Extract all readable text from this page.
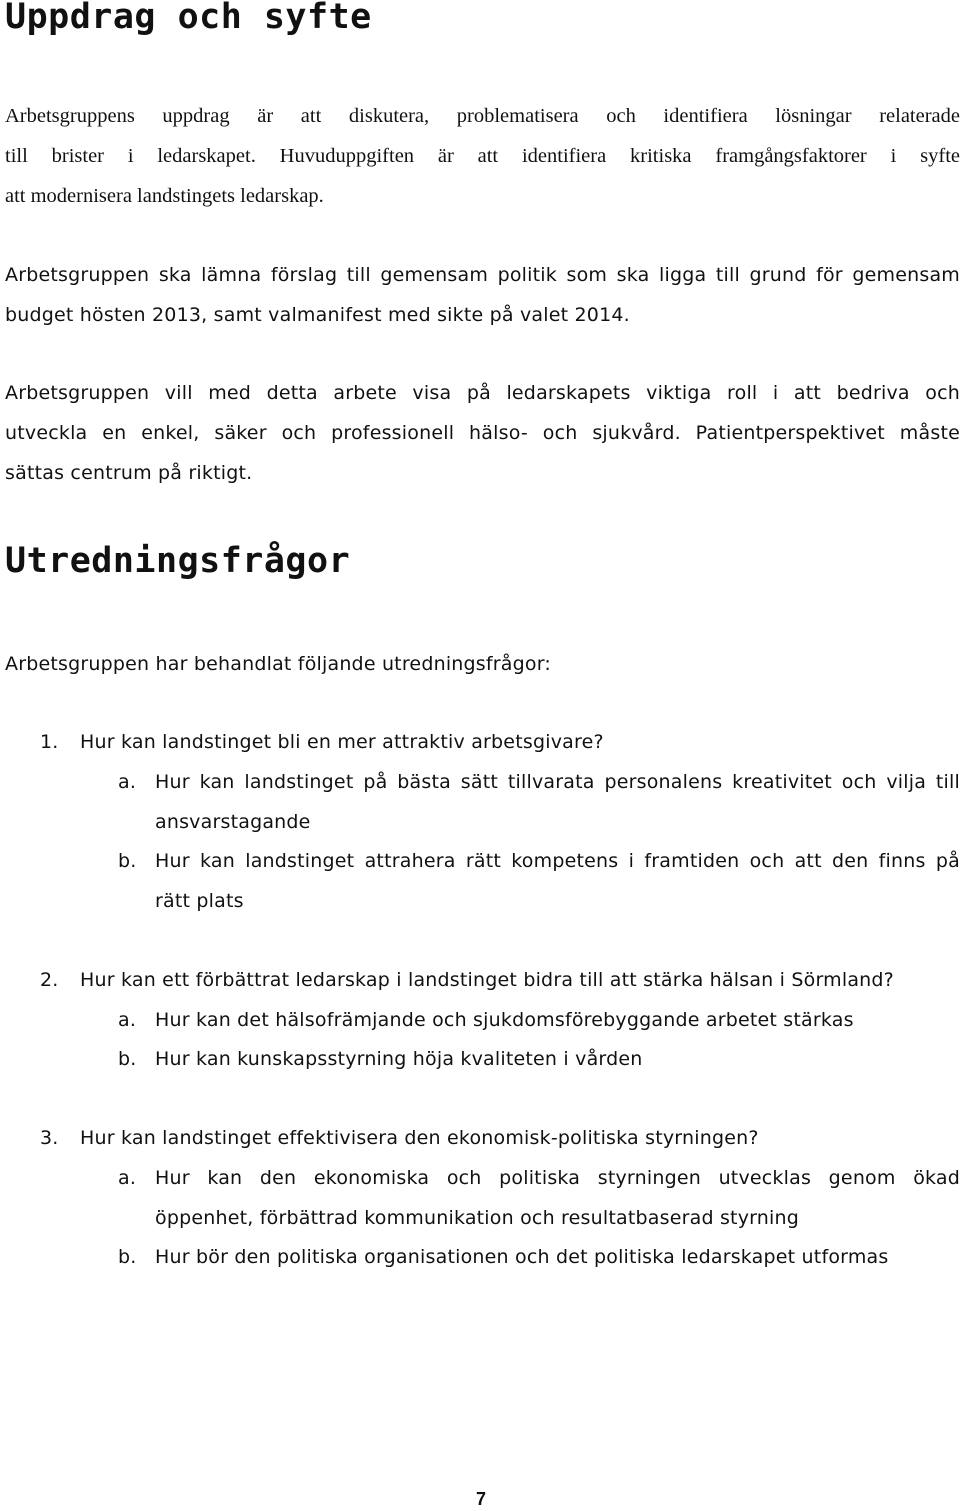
Uppdrag och syfte
Arbetsgruppens uppdrag är att diskutera, problematisera och identifiera lösningar relaterade
till brister i ledarskapet. Huvuduppgiften är att identifiera kritiska framgångsfaktorer i syfte
att modernisera landstingets ledarskap.
Arbetsgruppen ska lämna förslag till gemensam politik som ska ligga till grund för gemensam
budget hösten 2013, samt valmanifest med sikte på valet 2014.
Arbetsgruppen vill med detta arbete visa på ledarskapets viktiga roll i att bedriva och
utveckla en enkel, säker och professionell hälso- och sjukvård. Patientperspektivet måste
sättas centrum på riktigt.
Utredningsfrågor

Arbetsgruppen har behandlat följande utredningsfrågor:

1. Hur kan landstinget bli en mer attraktiv arbetsgivare?
a. Hur kan landstinget på bästa sätt tillvarata personalens kreativitet och vilja till
ansvarstagande
b. Hur kan landstinget attrahera rätt kompetens i framtiden och att den finns på
rätt plats
2. Hur kan ett förbättrat ledarskap i landstinget bidra till att stärka hälsan i Sörmland?
a. Hur kan det hälsofrämjande och sjukdomsförebyggande arbetet stärkas
b. Hur kan kunskapsstyrning höja kvaliteten i vården
3. Hur kan landstinget effektivisera den ekonomisk-politiska styrningen?
a. Hur kan den ekonomiska och politiska styrningen utvecklas genom ökad
öppenhet, förbättrad kommunikation och resultatbaserad styrning
b. Hur bör den politiska organisationen och det politiska ledarskapet utformas
7
